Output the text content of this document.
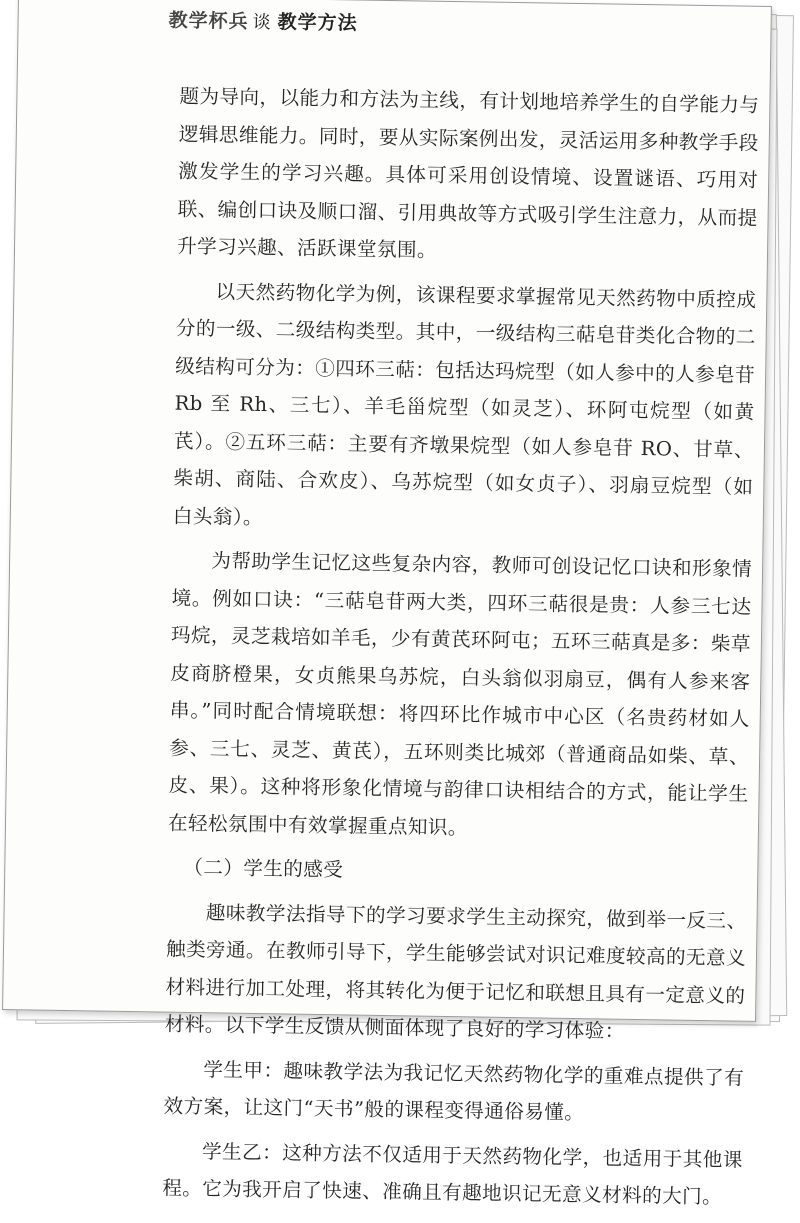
教学杯兵 谈 教学方法

题为导向，以能力和方法为主线，有计划地培养学生的自学能力与逻辑思维能力。同时，要从实际案例出发，灵活运用多种教学手段激发学生的学习兴趣。具体可采用创设情境、设置谜语、巧用对联、编创口诀及顺口溜、引用典故等方式吸引学生注意力，从而提升学习兴趣、活跃课堂氛围。

以天然药物化学为例，该课程要求掌握常见天然药物中质控成分的一级、二级结构类型。其中，一级结构三萜皂苷类化合物的二级结构可分为：①四环三萜：包括达玛烷型（如人参中的人参皂苷 Rb 至 Rh、三七）、羊毛甾烷型（如灵芝）、环阿屯烷型（如黄芪）。②五环三萜：主要有齐墩果烷型（如人参皂苷 RO、甘草、柴胡、商陆、合欢皮）、乌苏烷型（如女贞子）、羽扇豆烷型（如白头翁）。

为帮助学生记忆这些复杂内容，教师可创设记忆口诀和形象情境。例如口诀：“三萜皂苷两大类，四环三萜很是贵：人参三七达玛烷，灵芝栽培如羊毛，少有黄芪环阿屯；五环三萜真是多：柴草皮商脐橙果，女贞熊果乌苏烷，白头翁似羽扇豆，偶有人参来客串。”同时配合情境联想：将四环比作城市中心区（名贵药材如人参、三七、灵芝、黄芪），五环则类比城郊（普通商品如柴、草、皮、果）。这种将形象化情境与韵律口诀相结合的方式，能让学生在轻松氛围中有效掌握重点知识。

（二）学生的感受

趣味教学法指导下的学习要求学生主动探究，做到举一反三、触类旁通。在教师引导下，学生能够尝试对识记难度较高的无意义材料进行加工处理，将其转化为便于记忆和联想且具有一定意义的材料。以下学生反馈从侧面体现了良好的学习体验：

学生甲：趣味教学法为我记忆天然药物化学的重难点提供了有效方案，让这门“天书”般的课程变得通俗易懂。

学生乙：这种方法不仅适用于天然药物化学，也适用于其他课程。它为我开启了快速、准确且有趣地识记无意义材料的大门。
